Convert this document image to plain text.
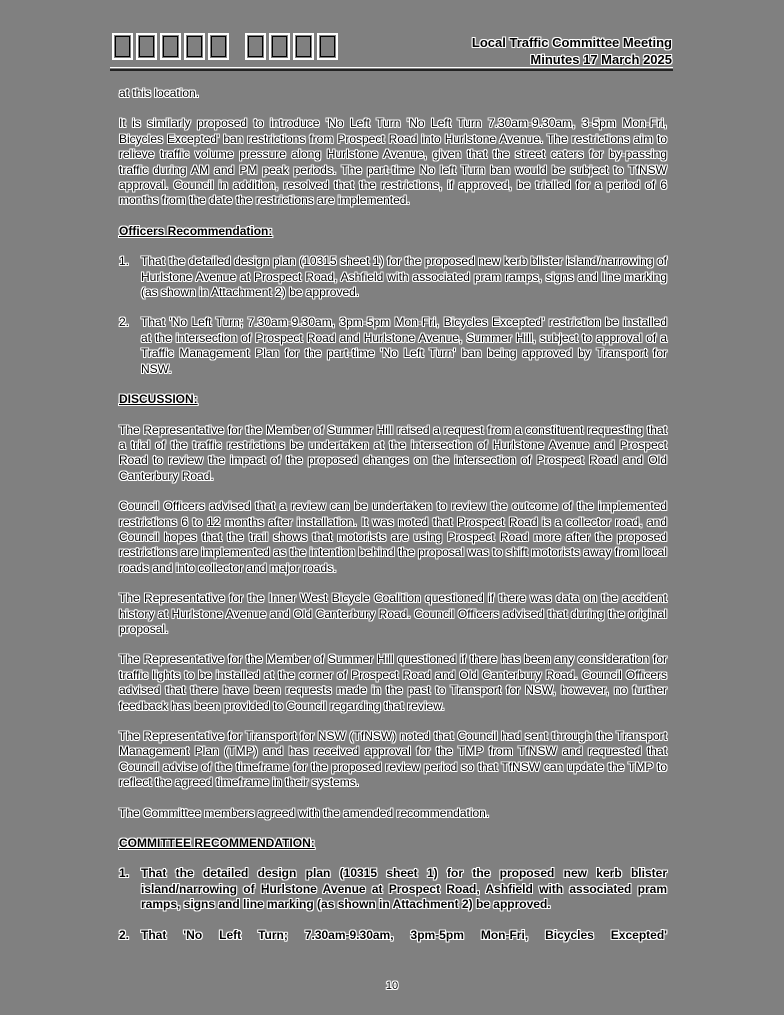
Local Traffic Committee Meeting
Minutes 17 March 2025

at this location.

It is similarly proposed to introduce 'No Left Turn 'No Left Turn 7.30am-9.30am, 3-5pm Mon-Fri, Bicycles Excepted' ban restrictions from Prospect Road into Hurlstone Avenue. The restrictions aim to relieve traffic volume pressure along Hurlstone Avenue, given that the street caters for by-passing traffic during AM and PM peak periods. The part-time No left Turn ban would be subject to TfNSW approval. Council in addition, resolved that the restrictions, if approved, be trialled for a period of 6 months from the date the restrictions are implemented.

Officers Recommendation:
1. That the detailed design plan (10315 sheet 1) for the proposed new kerb blister island/narrowing of Hurlstone Avenue at Prospect Road, Ashfield with associated pram ramps, signs and line marking (as shown in Attachment 2) be approved.
2. That 'No Left Turn; 7.30am-9.30am, 3pm-5pm Mon-Fri, Bicycles Excepted' restriction be installed at the intersection of Prospect Road and Hurlstone Avenue, Summer Hill, subject to approval of a Traffic Management Plan for the part-time 'No Left Turn' ban being approved by Transport for NSW.
DISCUSSION:

The Representative for the Member of Summer Hill raised a request from a constituent requesting that a trial of the traffic restrictions be undertaken at the intersection of Hurlstone Avenue and Prospect Road to review the impact of the proposed changes on the intersection of Prospect Road and Old Canterbury Road.

Council Officers advised that a review can be undertaken to review the outcome of the implemented restrictions 6 to 12 months after installation. It was noted that Prospect Road is a collector road, and Council hopes that the trail shows that motorists are using Prospect Road more after the proposed restrictions are implemented as the intention behind the proposal was to shift motorists away from local roads and into collector and major roads.

The Representative for the Inner West Bicycle Coalition questioned if there was data on the accident history at Hurlstone Avenue and Old Canterbury Road. Council Officers advised that during the original proposal.

The Representative for the Member of Summer Hill questioned if there has been any consideration for traffic lights to be installed at the corner of Prospect Road and Old Canterbury Road. Council Officers advised that there have been requests made in the past to Transport for NSW, however, no further feedback has been provided to Council regarding that review.

The Representative for Transport for NSW (TfNSW) noted that Council had sent through the Transport Management Plan (TMP) and has received approval for the TMP from TfNSW and requested that Council advise of the timeframe for the proposed review period so that TfNSW can update the TMP to reflect the agreed timeframe in their systems.

The Committee members agreed with the amended recommendation.

COMMITTEE RECOMMENDATION:
1. That the detailed design plan (10315 sheet 1) for the proposed new kerb blister island/narrowing of Hurlstone Avenue at Prospect Road, Ashfield with associated pram ramps, signs and line marking (as shown in Attachment 2) be approved.
2. That 'No Left Turn; 7.30am-9.30am, 3pm-5pm Mon-Fri, Bicycles Excepted'
10
